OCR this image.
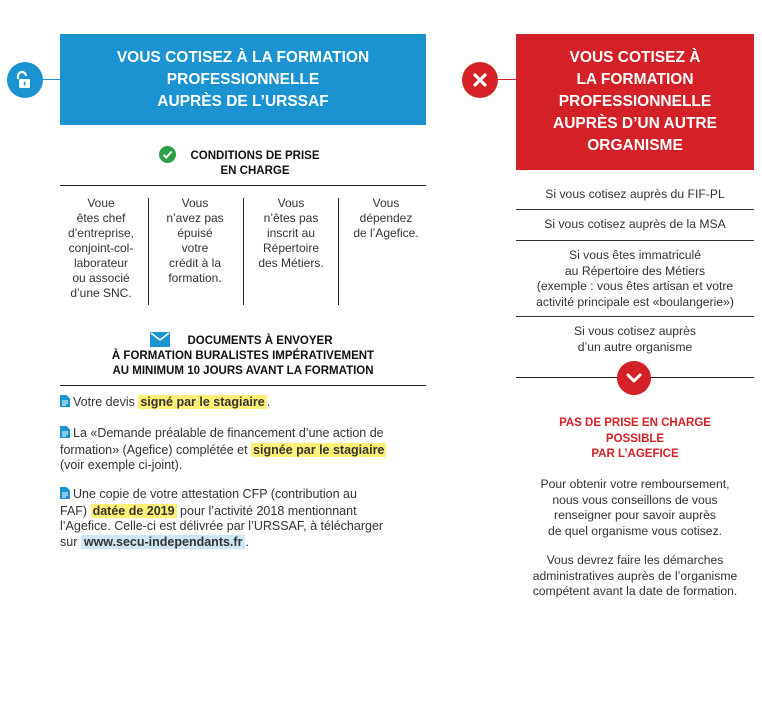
VOUS COTISEZ À LA FORMATION
PROFESSIONNELLE
AUPRÈS DE L’URSSAF
CONDITIONS DE PRISE
EN CHARGE
Voue
êtes chef
d’entreprise,
conjoint-col-
laborateur
ou associé
d’une SNC.
Vous
n’avez pas
épuisé
votre
crédit à la
formation.
Vous
n’êtes pas
inscrit au
Répertoire
des Métiers.
Vous
dépendez
de l’Agefice.
DOCUMENTS À ENVOYER
À FORMATION BURALISTES IMPÉRATIVEMENT
AU MINIMUM 10 JOURS AVANT LA FORMATION
Votre devis signé par le stagiaire .
La «Demande préalable de financement d’une action de
formation» (Agefice) complétée et signée par le stagiaire
(voir exemple ci-joint).
Une copie de votre attestation CFP (contribution au
FAF) datée de 2019 pour l’activité 2018 mentionnant
l’Agefice. Celle-ci est délivrée par l’URSSAF, à télécharger
sur www.secu-independants.fr .
VOUS COTISEZ À
LA FORMATION
PROFESSIONNELLE
AUPRÈS D’UN AUTRE
ORGANISME
Si vous cotisez auprès du FIF-PL
Si vous cotisez auprès de la MSA
Si vous êtes immatriculé
au Répertoire des Métiers
(exemple : vous êtes artisan et votre
activité principale est «boulangerie»)
Si vous cotisez auprès
d’un autre organisme
PAS DE PRISE EN CHARGE
POSSIBLE
PAR L’AGEFICE
Pour obtenir votre remboursement,
nous vous conseillons de vous
renseigner pour savoir auprès
de quel organisme vous cotisez.
Vous devrez faire les démarches
administratives auprès de l’organisme
compétent avant la date de formation.
